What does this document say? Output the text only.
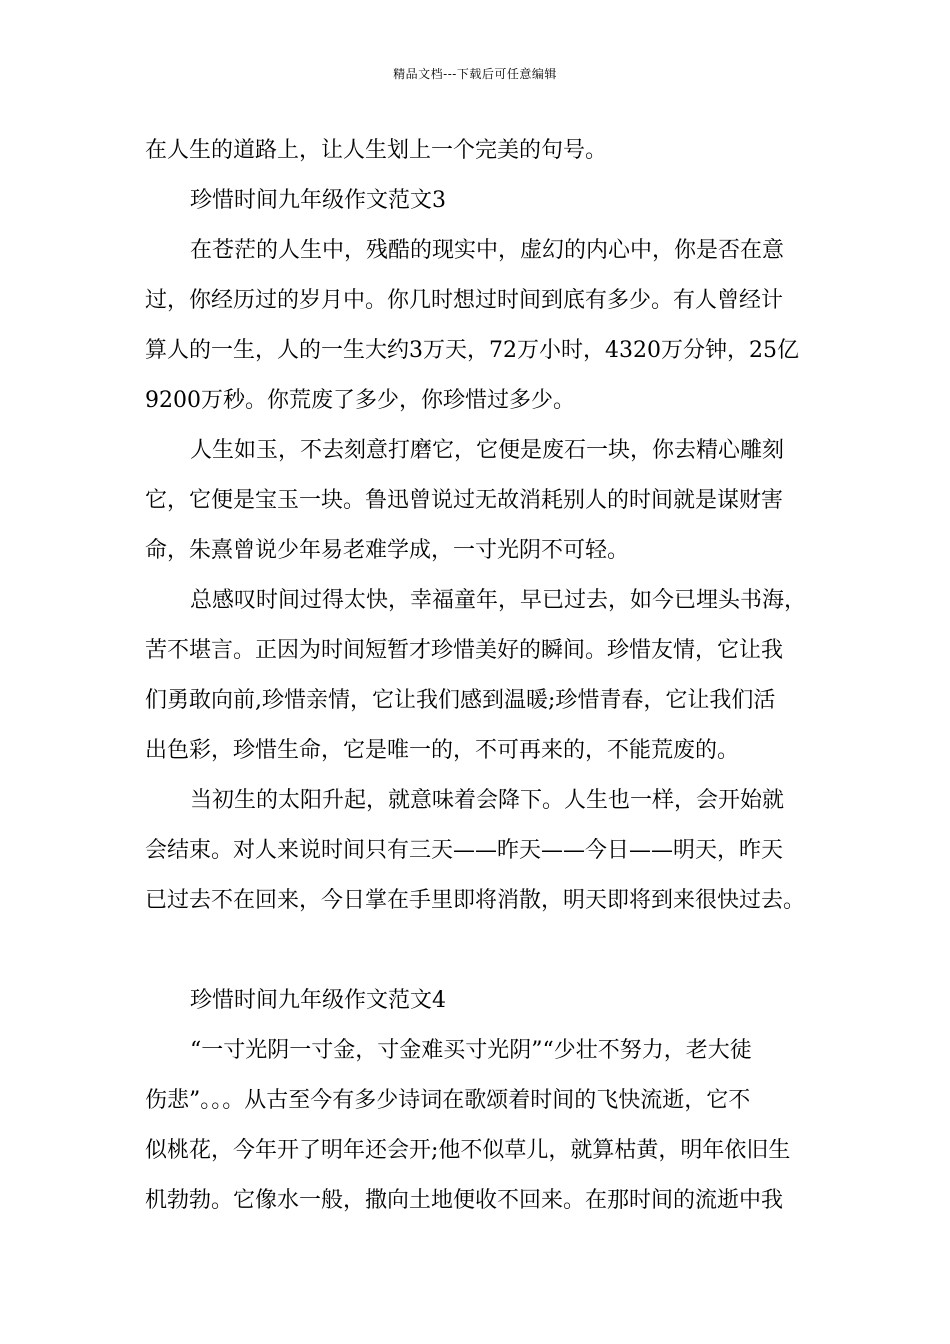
精品文档---下载后可任意编辑
在人生的道路上，让人生划上一个完美的句号。
珍惜时间九年级作文范文3
在苍茫的人生中，残酷的现实中，虚幻的内心中，你是否在意
过，你经历过的岁月中。你几时想过时间到底有多少。有人曾经计
算人的一生，人的一生大约3万天，72万小时，4320万分钟，25亿
9200万秒。你荒废了多少，你珍惜过多少。
人生如玉，不去刻意打磨它，它便是废石一块，你去精心雕刻
它，它便是宝玉一块。鲁迅曾说过无故消耗别人的时间就是谋财害
命，朱熹曾说少年易老难学成，一寸光阴不可轻。
总感叹时间过得太快，幸福童年，早已过去，如今已埋头书海，
苦不堪言。正因为时间短暂才珍惜美好的瞬间。珍惜友情，它让我
们勇敢向前,珍惜亲情，它让我们感到温暖;珍惜青春，它让我们活
出色彩，珍惜生命，它是唯一的，不可再来的，不能荒废的。
当初生的太阳升起，就意味着会降下。人生也一样，会开始就
会结束。对人来说时间只有三天——昨天——今日——明天，昨天
已过去不在回来，今日掌在手里即将消散，明天即将到来很快过去。
珍惜时间九年级作文范文4
“一寸光阴一寸金，寸金难买寸光阴”“少壮不努力，老大徒
伤悲”。。。从古至今有多少诗词在歌颂着时间的飞快流逝，它不
似桃花，今年开了明年还会开;他不似草儿，就算枯黄，明年依旧生
机勃勃。它像水一般，撒向土地便收不回来。在那时间的流逝中我
